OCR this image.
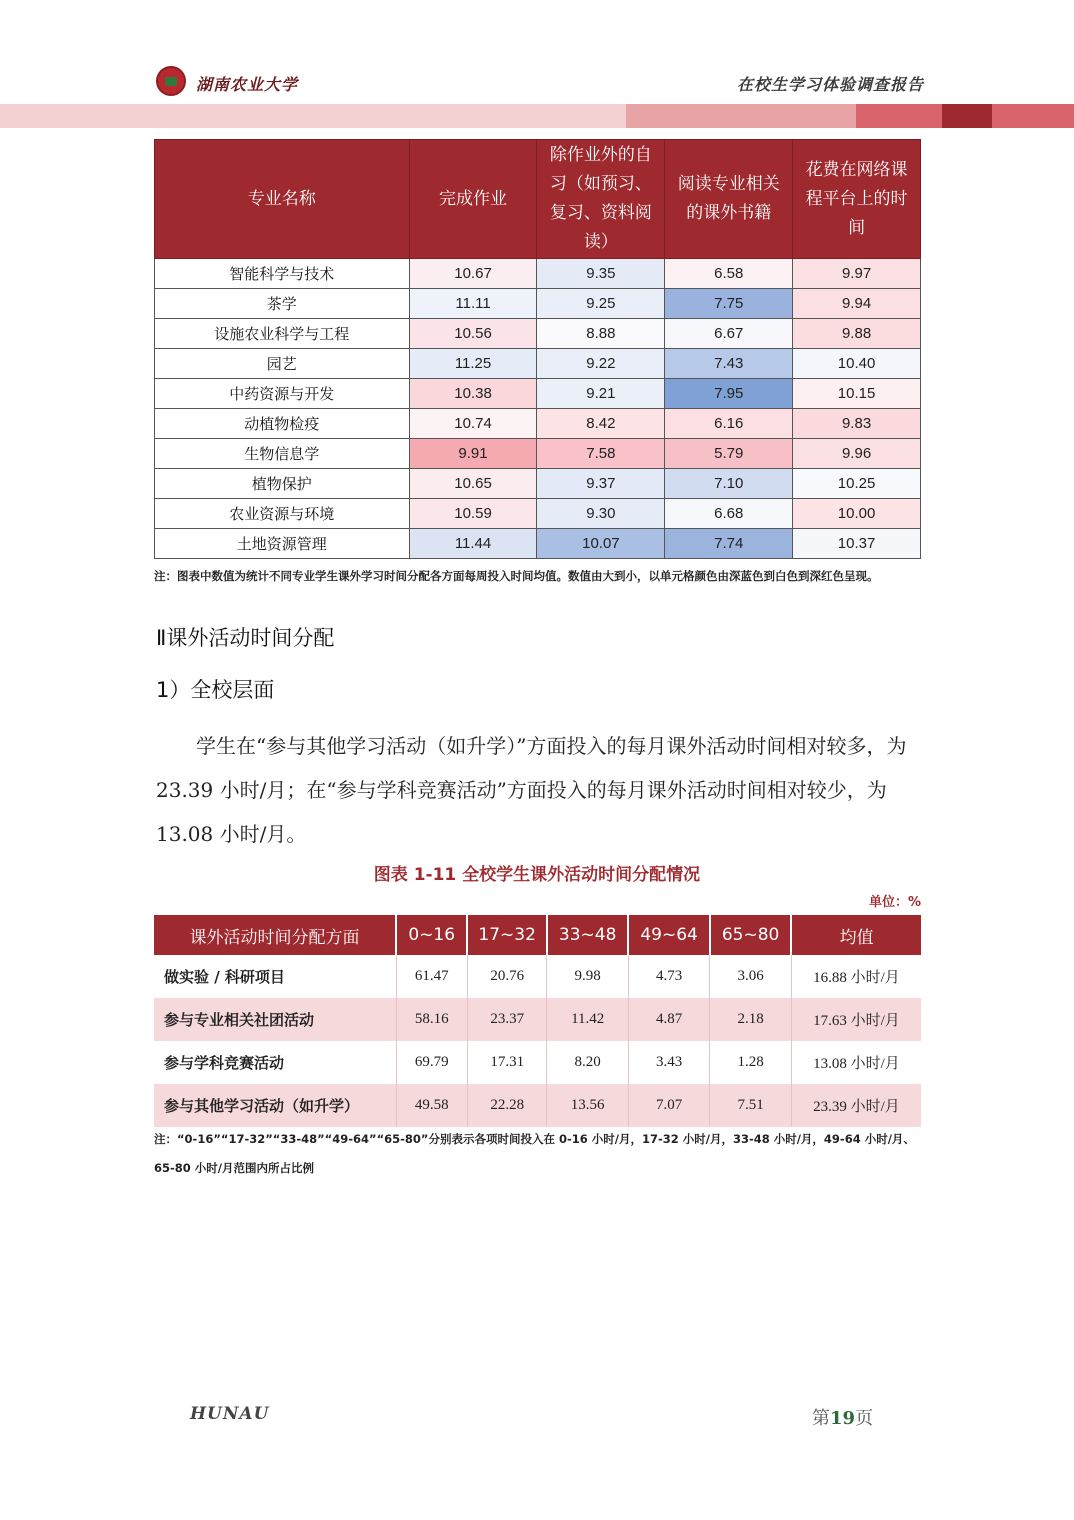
湖南农业大学	在校生学习体验调查报告
专业名称	完成作业	除作业外的自习（如预习、复习、资料阅读）	阅读专业相关的课外书籍	花费在网络课程平台上的时间
智能科学与技术	10.67	9.35	6.58	9.97
茶学	11.11	9.25	7.75	9.94
设施农业科学与工程	10.56	8.88	6.67	9.88
园艺	11.25	9.22	7.43	10.40
中药资源与开发	10.38	9.21	7.95	10.15
动植物检疫	10.74	8.42	6.16	9.83
生物信息学	9.91	7.58	5.79	9.96
植物保护	10.65	9.37	7.10	10.25
农业资源与环境	10.59	9.30	6.68	10.00
土地资源管理	11.44	10.07	7.74	10.37
注：图表中数值为统计不同专业学生课外学习时间分配各方面每周投入时间均值。数值由大到小，以单元格颜色由深蓝色到白色到深红色呈现。
Ⅱ课外活动时间分配
1）全校层面
学生在“参与其他学习活动（如升学）”方面投入的每月课外活动时间相对较多，为 23.39 小时/月；在“参与学科竞赛活动”方面投入的每月课外活动时间相对较少，为 13.08 小时/月。
图表 1-11 全校学生课外活动时间分配情况
单位：%
课外活动时间分配方面	0~16	17~32	33~48	49~64	65~80	均值
做实验 / 科研项目	61.47	20.76	9.98	4.73	3.06	16.88 小时/月
参与专业相关社团活动	58.16	23.37	11.42	4.87	2.18	17.63 小时/月
参与学科竞赛活动	69.79	17.31	8.20	3.43	1.28	13.08 小时/月
参与其他学习活动（如升学）	49.58	22.28	13.56	7.07	7.51	23.39 小时/月
注：“0-16”“17-32”“33-48”“49-64”“65-80”分别表示各项时间投入在 0-16 小时/月，17-32 小时/月，33-48 小时/月，49-64 小时/月、65-80 小时/月范围内所占比例
HUNAU	第19页
